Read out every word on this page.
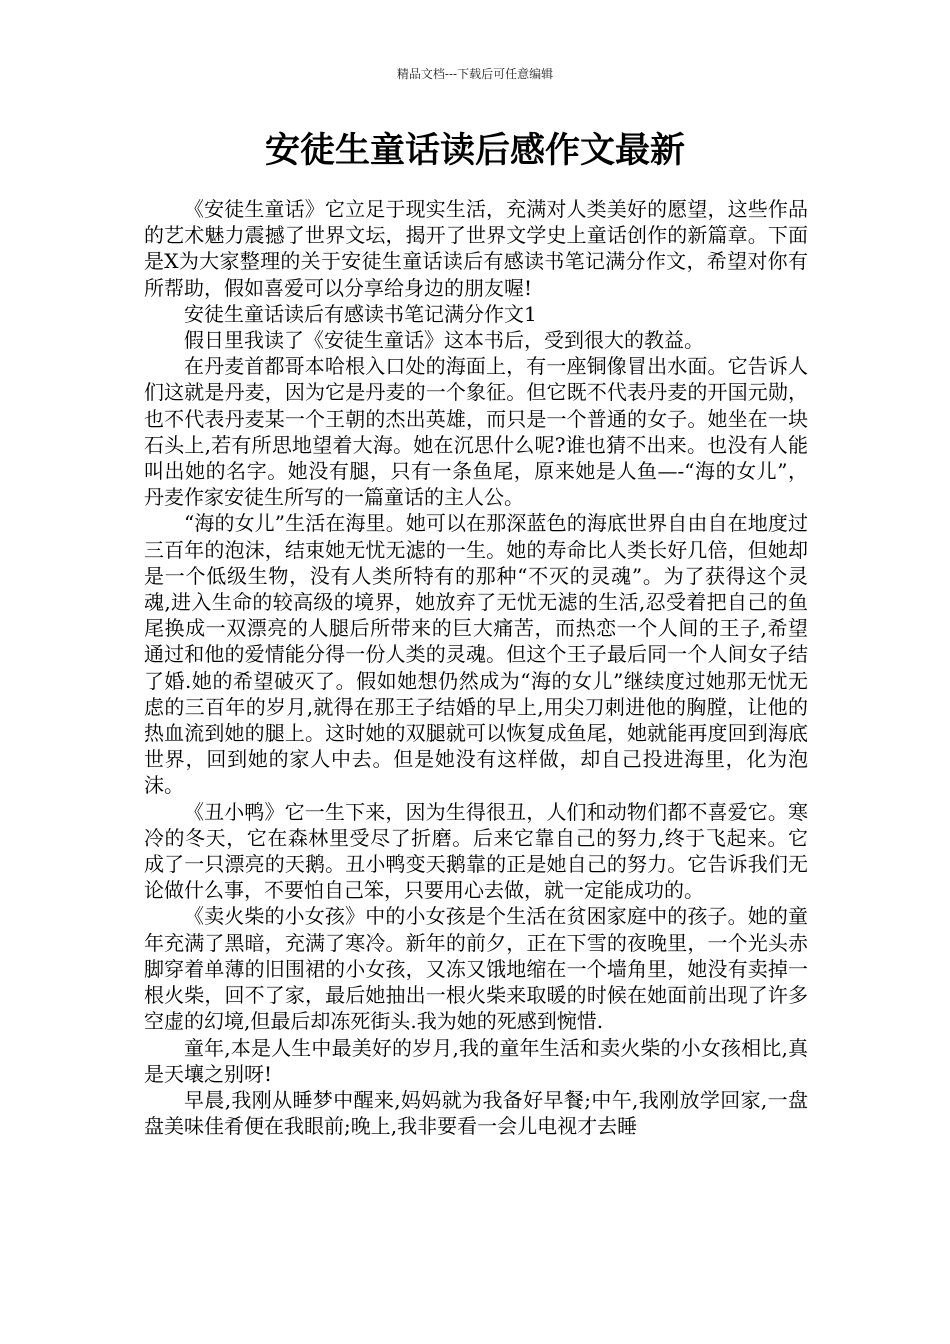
精品文档---下载后可任意编辑
安徒生童话读后感作文最新

《安徒生童话》它立足于现实生活，充满对人类美好的愿望，这些作品的艺术魅力震撼了世界文坛，揭开了世界文学史上童话创作的新篇章。下面是X为大家整理的关于安徒生童话读后有感读书笔记满分作文，希望对你有所帮助，假如喜爱可以分享给身边的朋友喔!

安徒生童话读后有感读书笔记满分作文1

假日里我读了《安徒生童话》这本书后，受到很大的教益。

在丹麦首都哥本哈根入口处的海面上，有一座铜像冒出水面。它告诉人们这就是丹麦，因为它是丹麦的一个象征。但它既不代表丹麦的开国元勋，也不代表丹麦某一个王朝的杰出英雄，而只是一个普通的女子。她坐在一块石头上,若有所思地望着大海。她在沉思什么呢?谁也猜不出来。也没有人能叫出她的名字。她没有腿，只有一条鱼尾，原来她是人鱼—-“海的女儿”，丹麦作家安徒生所写的一篇童话的主人公。

“海的女儿”生活在海里。她可以在那深蓝色的海底世界自由自在地度过三百年的泡沫，结束她无忧无滤的一生。她的寿命比人类长好几倍，但她却是一个低级生物，没有人类所特有的那种“不灭的灵魂”。为了获得这个灵魂,进入生命的较高级的境界，她放弃了无忧无滤的生活,忍受着把自己的鱼尾换成一双漂亮的人腿后所带来的巨大痛苦，而热恋一个人间的王子,希望通过和他的爱情能分得一份人类的灵魂。但这个王子最后同一个人间女子结了婚.她的希望破灭了。假如她想仍然成为“海的女儿”继续度过她那无忧无虑的三百年的岁月,就得在那王子结婚的早上,用尖刀刺进他的胸膛，让他的热血流到她的腿上。这时她的双腿就可以恢复成鱼尾，她就能再度回到海底世界，回到她的家人中去。但是她没有这样做，却自己投进海里，化为泡沫。

《丑小鸭》它一生下来，因为生得很丑，人们和动物们都不喜爱它。寒冷的冬天，它在森林里受尽了折磨。后来它靠自己的努力,终于飞起来。它成了一只漂亮的天鹅。丑小鸭变天鹅靠的正是她自己的努力。它告诉我们无论做什么事，不要怕自己笨，只要用心去做，就一定能成功的。

《卖火柴的小女孩》中的小女孩是个生活在贫困家庭中的孩子。她的童年充满了黑暗，充满了寒冷。新年的前夕，正在下雪的夜晚里，一个光头赤脚穿着单薄的旧围裙的小女孩，又冻又饿地缩在一个墙角里，她没有卖掉一根火柴，回不了家，最后她抽出一根火柴来取暖的时候在她面前出现了许多空虚的幻境,但最后却冻死街头.我为她的死感到惋惜.

童年,本是人生中最美好的岁月,我的童年生活和卖火柴的小女孩相比,真是天壤之别呀!

早晨,我刚从睡梦中醒来,妈妈就为我备好早餐;中午,我刚放学回家,一盘盘美味佳肴便在我眼前;晚上,我非要看一会儿电视才去睡
